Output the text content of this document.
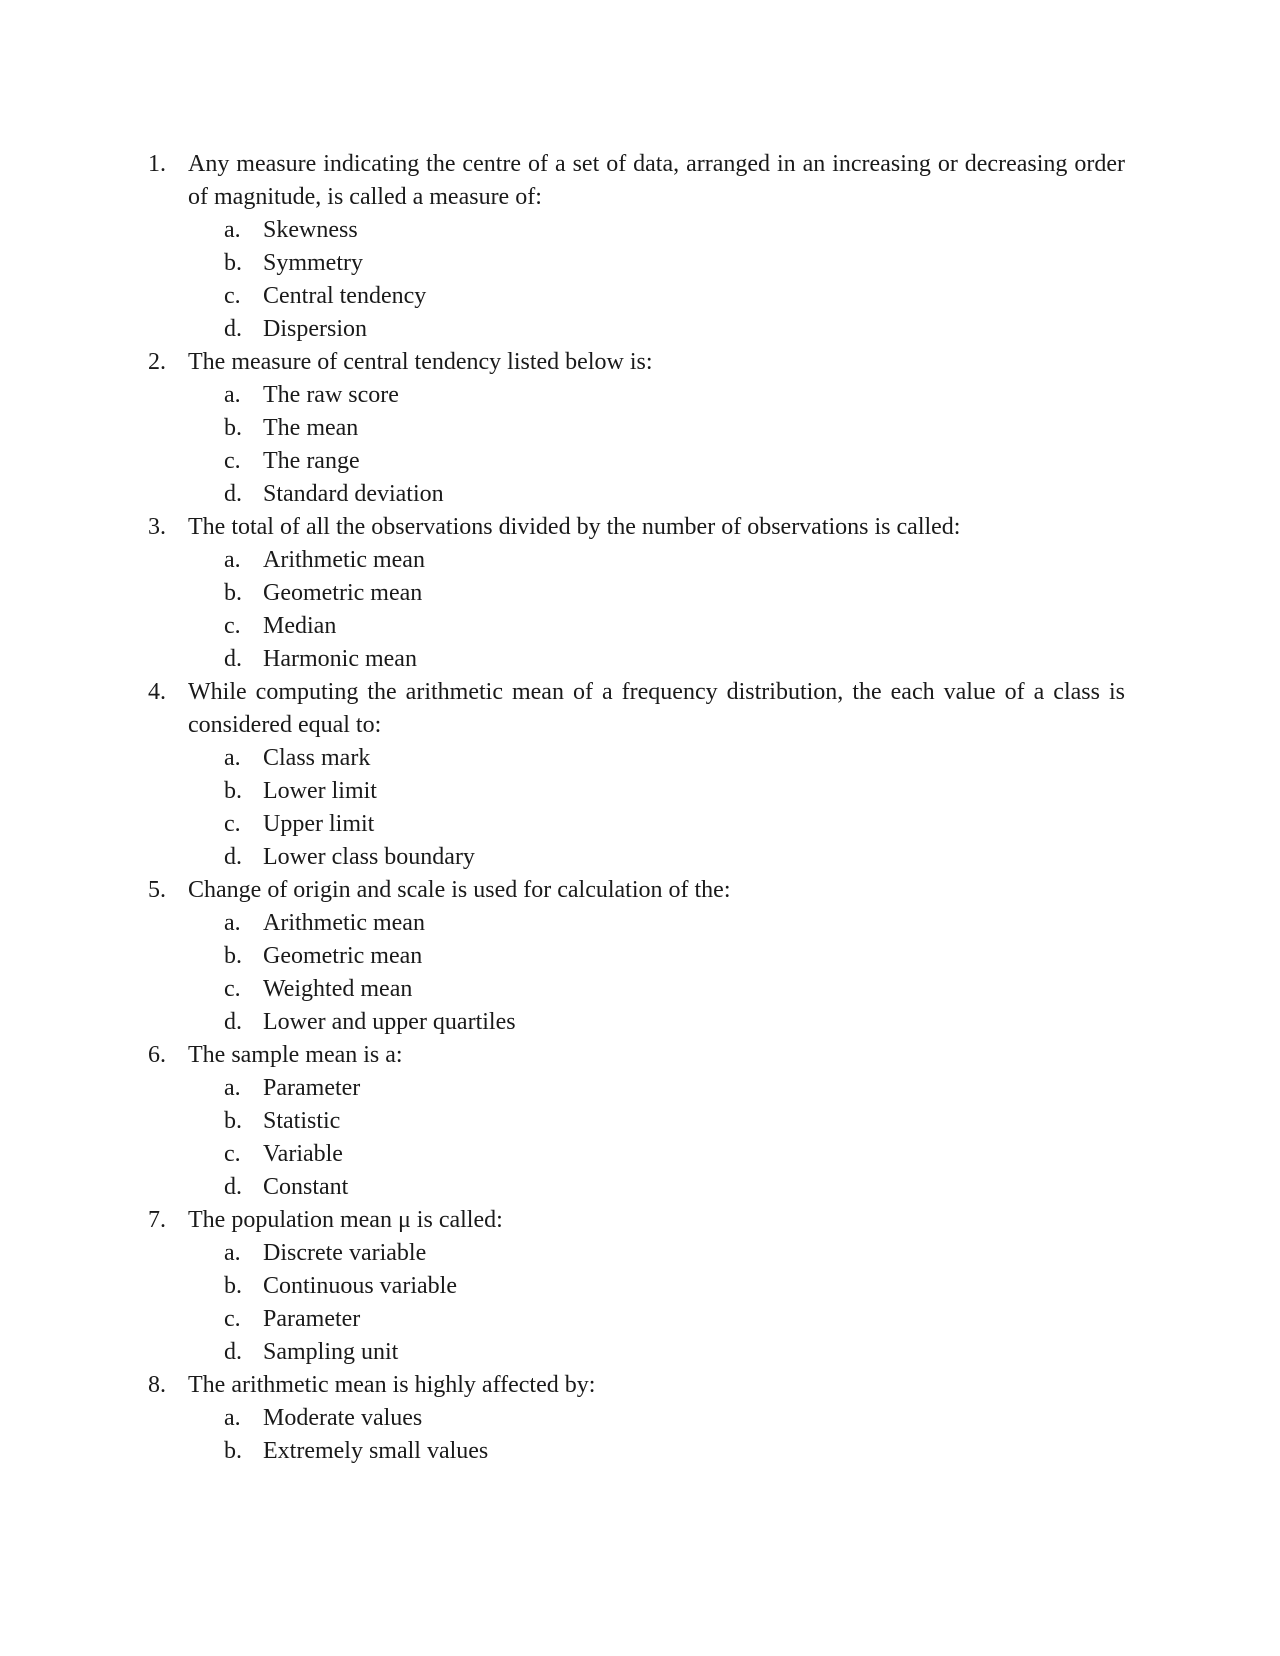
1. Any measure indicating the centre of a set of data, arranged in an increasing or decreasing order of magnitude, is called a measure of:
a. Skewness
b. Symmetry
c. Central tendency
d. Dispersion
2. The measure of central tendency listed below is:
a. The raw score
b. The mean
c. The range
d. Standard deviation
3. The total of all the observations divided by the number of observations is called:
a. Arithmetic mean
b. Geometric mean
c. Median
d. Harmonic mean
4. While computing the arithmetic mean of a frequency distribution, the each value of a class is considered equal to:
a. Class mark
b. Lower limit
c. Upper limit
d. Lower class boundary
5. Change of origin and scale is used for calculation of the:
a. Arithmetic mean
b. Geometric mean
c. Weighted mean
d. Lower and upper quartiles
6. The sample mean is a:
a. Parameter
b. Statistic
c. Variable
d. Constant
7. The population mean μ is called:
a. Discrete variable
b. Continuous variable
c. Parameter
d. Sampling unit
8. The arithmetic mean is highly affected by:
a. Moderate values
b. Extremely small values
